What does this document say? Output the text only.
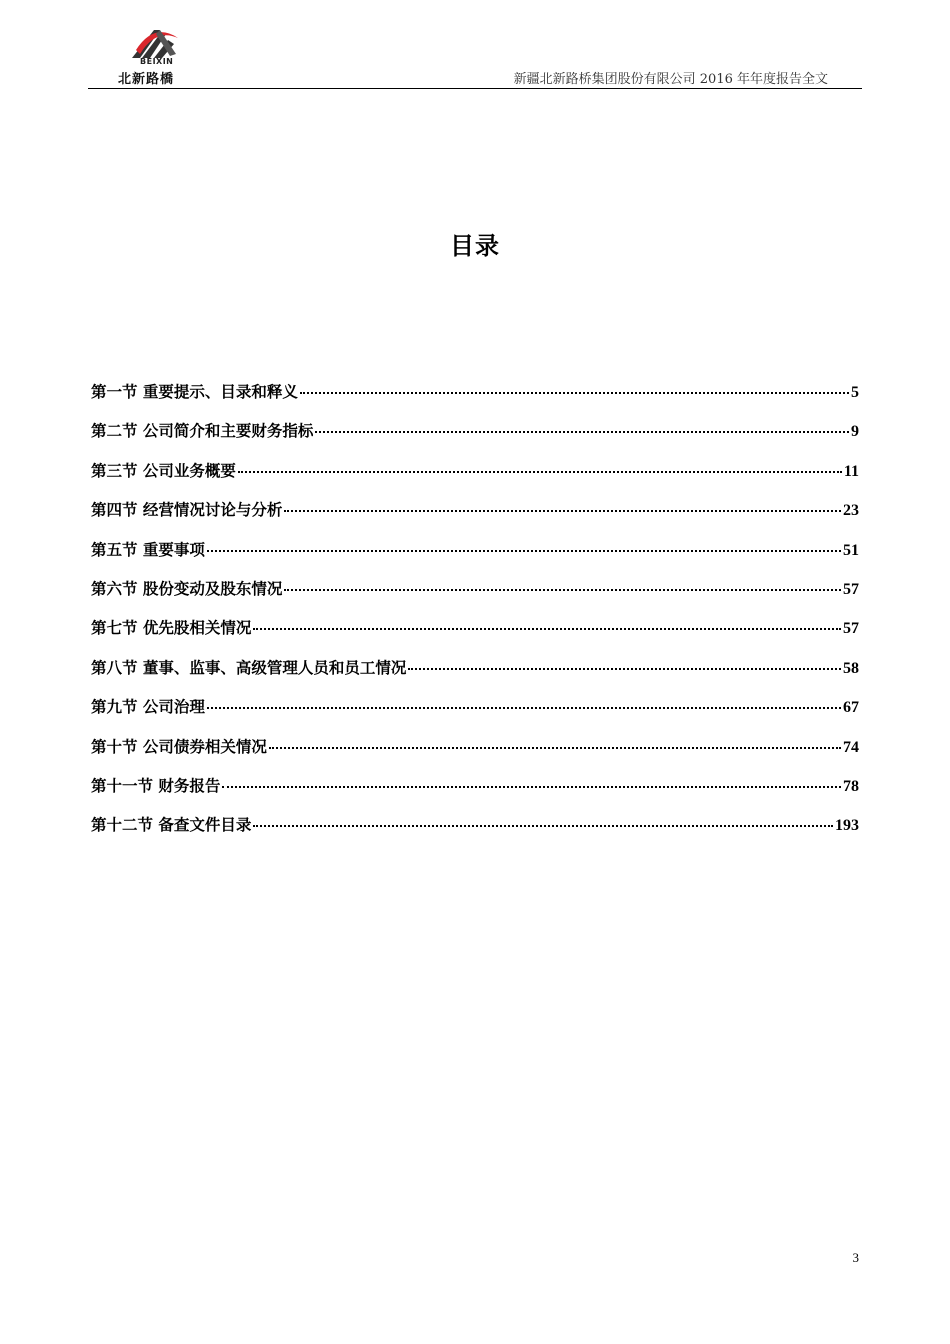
BEIXIN
北新路橋	新疆北新路桥集团股份有限公司 2016 年年度报告全文
目录
第一节 重要提示、目录和释义	5
第二节 公司简介和主要财务指标	9
第三节 公司业务概要	11
第四节 经营情况讨论与分析	23
第五节 重要事项	51
第六节 股份变动及股东情况	57
第七节 优先股相关情况	57
第八节 董事、监事、高级管理人员和员工情况	58
第九节 公司治理	67
第十节 公司债券相关情况	74
第十一节 财务报告	78
第十二节 备查文件目录	193
3
